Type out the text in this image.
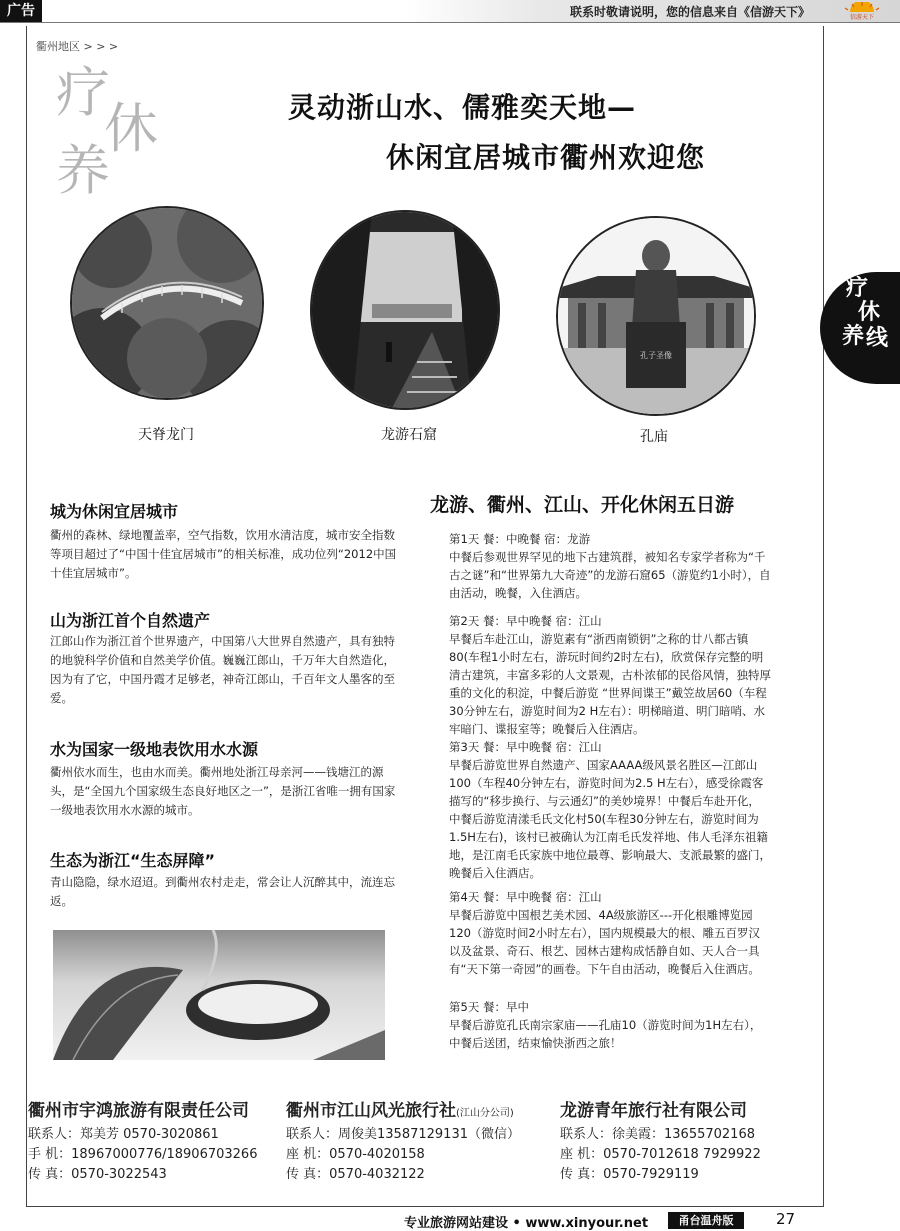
广告	联系时敬请说明，您的信息来自《信游天下》	信游天下
衢州地区 > > >
疗
休
养
灵动浙山水、儒雅奕天地—
休闲宜居城市衢州欢迎您
孔子圣像
天脊龙门	龙游石窟	孔庙
疗
休
养 线
城为休闲宜居城市
衢州的森林、绿地覆盖率，空气指数，饮用水清洁度，城市安全指数等项目超过了“中国十佳宜居城市”的相关标准，成功位列“2012中国十佳宜居城市”。
山为浙江首个自然遗产
江郎山作为浙江首个世界遗产，中国第八大世界自然遗产，具有独特的地貌科学价值和自然美学价值。巍巍江郎山，千万年大自然造化，因为有了它，中国丹霞才足够老，神奇江郎山，千百年文人墨客的至爱。
水为国家一级地表饮用水水源
衢州依水而生，也由水而美。衢州地处浙江母亲河——钱塘江的源头，是“全国九个国家级生态良好地区之一”，是浙江省唯一拥有国家一级地表饮用水水源的城市。
生态为浙江“生态屏障”
青山隐隐，绿水迢迢。到衢州农村走走，常会让人沉醉其中，流连忘返。
龙游、衢州、江山、开化休闲五日游
第1天 餐：中晚餐 宿：龙游
中餐后参观世界罕见的地下古建筑群，被知名专家学者称为“千古之谜”和“世界第九大奇迹”的龙游石窟65（游览约1小时），自由活动，晚餐，入住酒店。
第2天 餐：早中晚餐 宿：江山
早餐后车赴江山，游览素有“浙西南锁钥”之称的廿八都古镇80(车程1小时左右，游玩时间约2时左右)，欣赏保存完整的明清古建筑，丰富多彩的人文景观，古朴浓郁的民俗风情，独特厚重的文化的积淀，中餐后游览 “世界间谍王”戴笠故居60（车程30分钟左右，游览时间为2 H左右）：明梯暗道、明门暗哨、水牢暗门、谍报室等；晚餐后入住酒店。
第3天 餐：早中晚餐 宿：江山
早餐后游览世界自然遗产、国家AAAA级风景名胜区—江郎山100（车程40分钟左右，游览时间为2.5 H左右），感受徐霞客描写的“移步换行、与云通幻”的美妙境界！中餐后车赴开化，中餐后游览清漾毛氏文化村50(车程30分钟左右，游览时间为1.5H左右)，该村已被确认为江南毛氏发祥地、伟人毛泽东祖籍地，是江南毛氏家族中地位最尊、影响最大、支派最繁的盛门，晚餐后入住酒店。
第4天 餐：早中晚餐 宿：江山
早餐后游览中国根艺美术园、4A级旅游区---开化根雕博览园120（游览时间2小时左右），国内规模最大的根、雕五百罗汉以及盆景、奇石、根艺、园林古建构成恬静自如、天人合一具有“天下第一奇园”的画卷。下午自由活动，晚餐后入住酒店。
第5天 餐：早中
早餐后游览孔氏南宗家庙——孔庙10（游览时间为1H左右），中餐后送团，结束愉快浙西之旅！
衢州市宇鸿旅游有限责任公司
联系人：郑美芳 0570-3020861
手 机：18967000776/18906703266
传 真：0570-3022543
衢州市江山风光旅行社(江山分公司)
联系人：周俊美13587129131（微信）
座 机：0570-4020158
传 真：0570-4032122
龙游青年旅行社有限公司
联系人：徐美霞：13655702168
座 机：0570-7012618 7929922
传 真：0570-7929119
专业旅游网站建设 • www.xinyour.net	甬台温舟版	27
